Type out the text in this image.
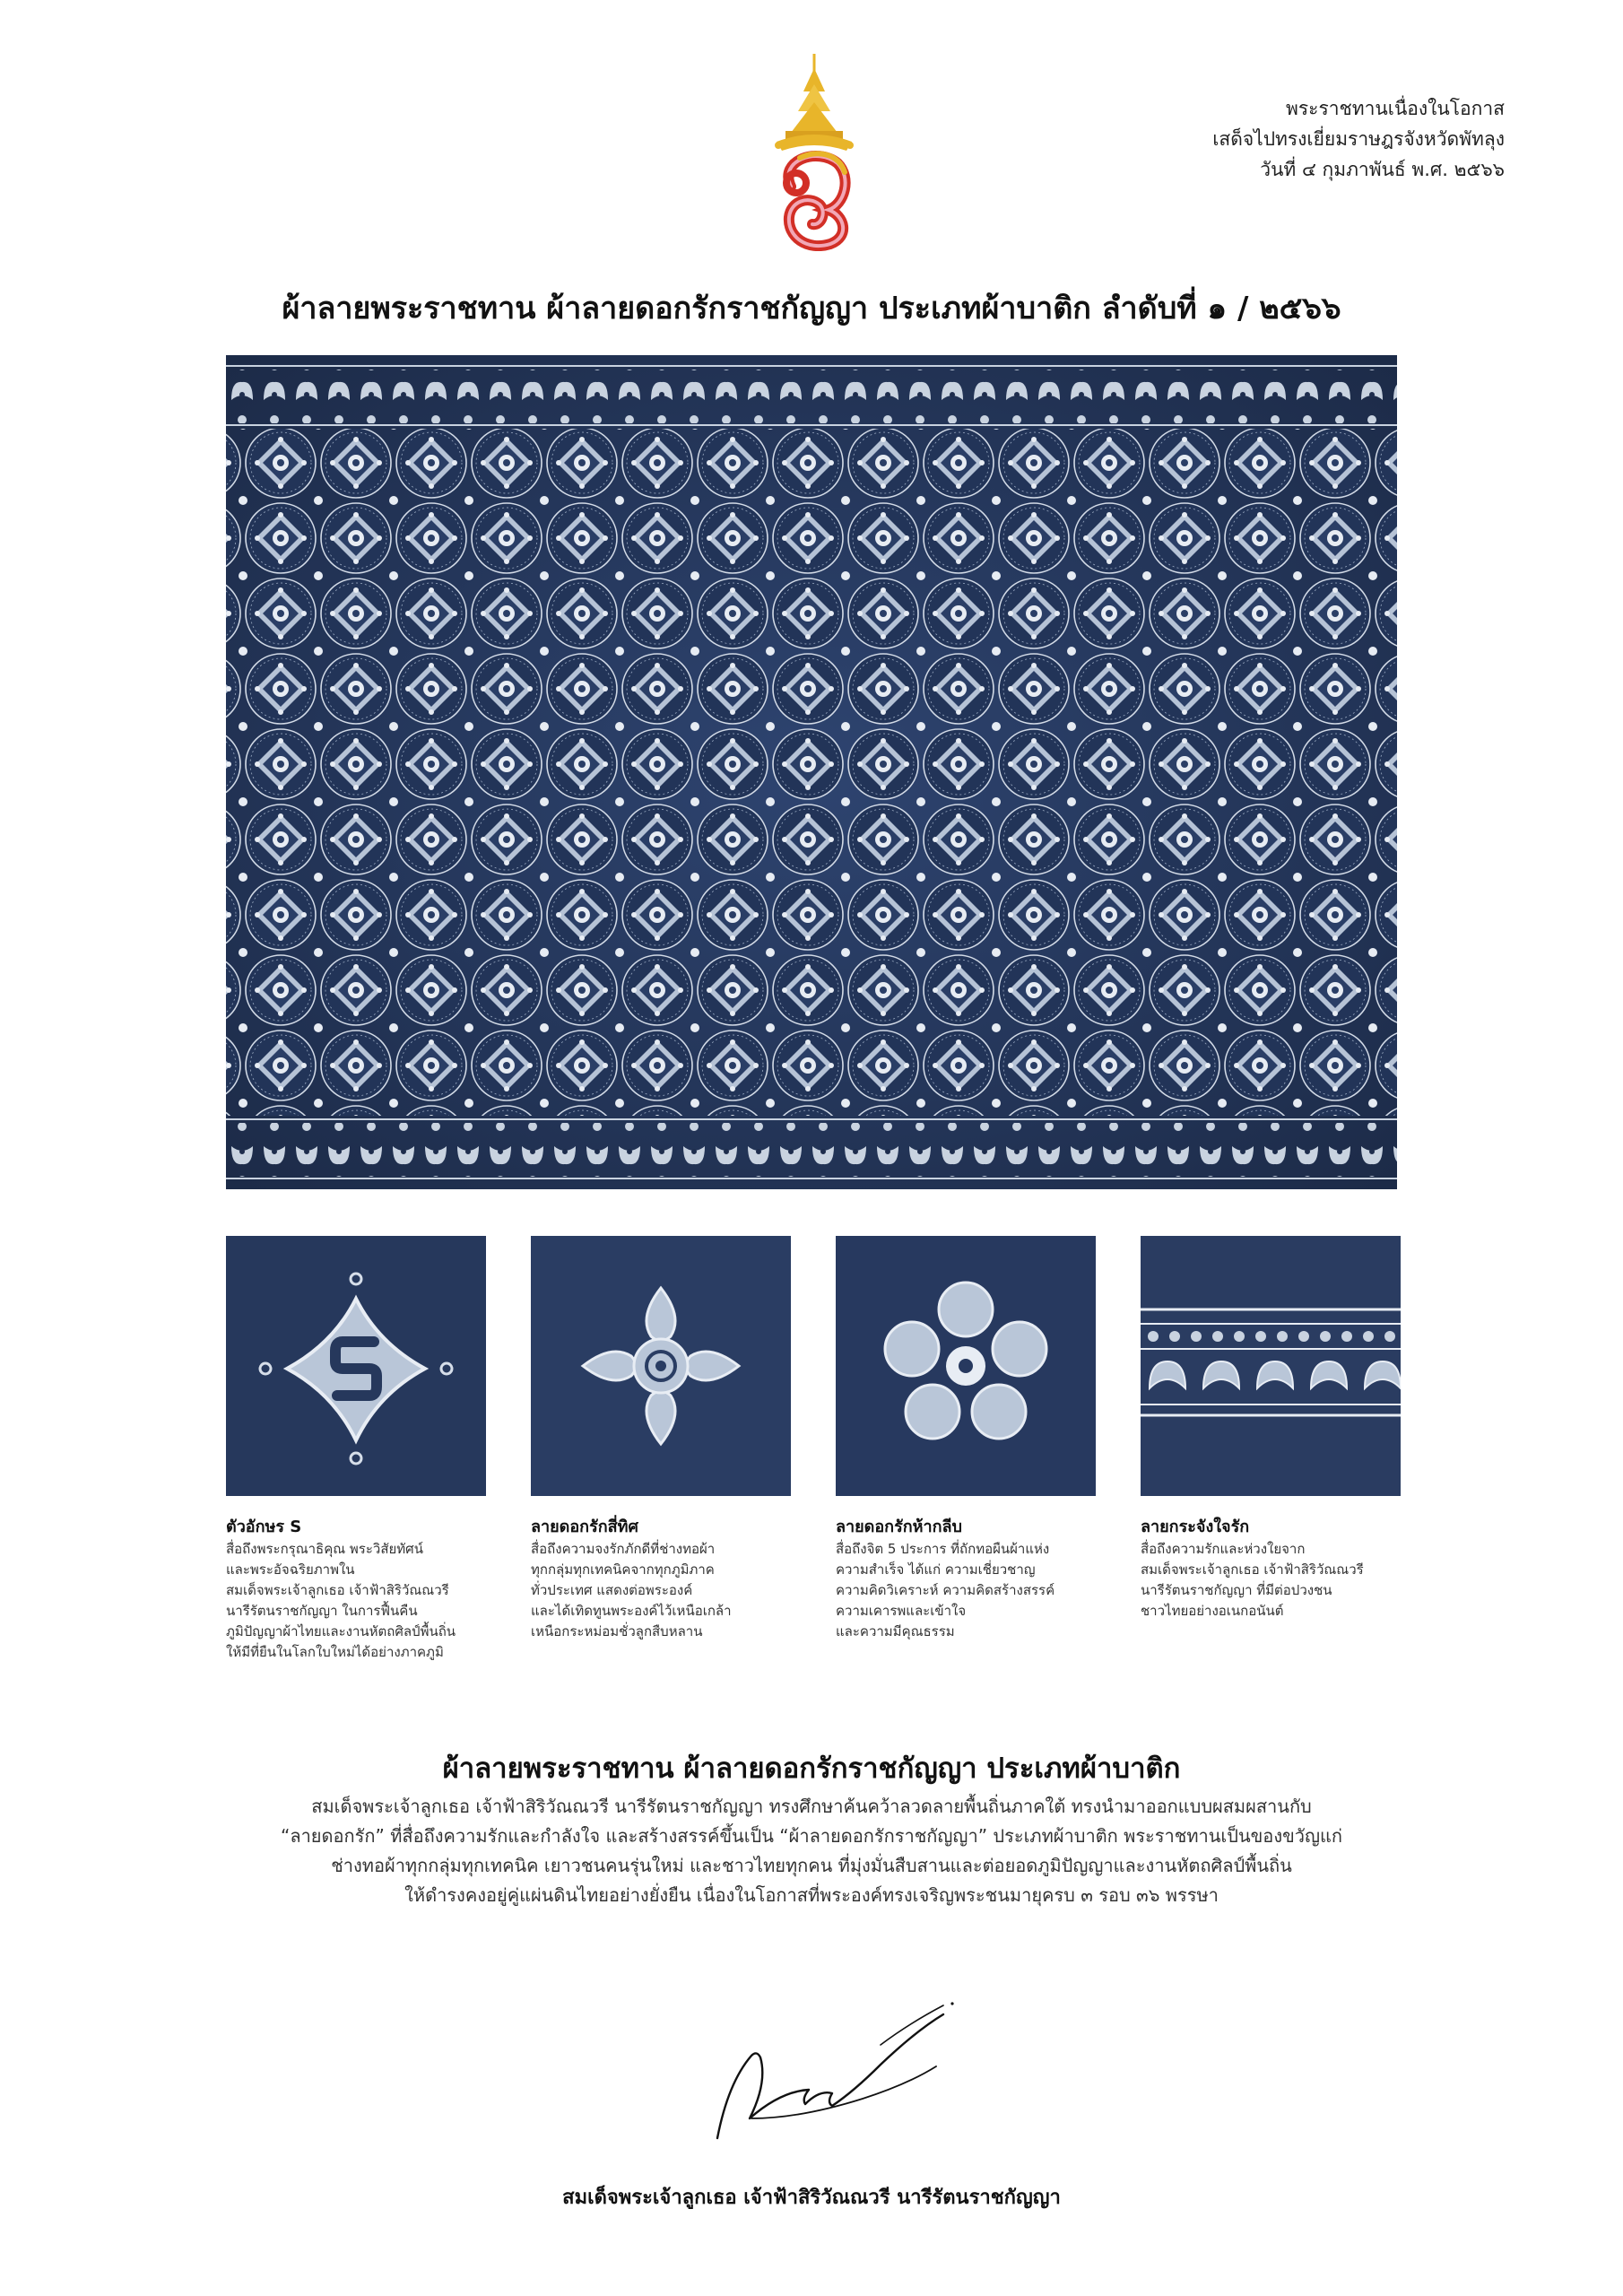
พระราชทานเนื่องในโอกาส
เสด็จไปทรงเยี่ยมราษฎรจังหวัดพัทลุง
วันที่ ๔ กุมภาพันธ์ พ.ศ. ๒๕๖๖
ผ้าลายพระราชทาน ผ้าลายดอกรักราชกัญญา ประเภทผ้าบาติก ลำดับที่ ๑ / ๒๕๖๖
ตัวอักษร S
สื่อถึงพระกรุณาธิคุณ พระวิสัยทัศน์
และพระอัจฉริยภาพใน
สมเด็จพระเจ้าลูกเธอ เจ้าฟ้าสิริวัณณวรี
นารีรัตนราชกัญญา ในการฟื้นคืน
ภูมิปัญญาผ้าไทยและงานหัตถศิลป์พื้นถิ่น
ให้มีที่ยืนในโลกใบใหม่ได้อย่างภาคภูมิ
ลายดอกรักสี่ทิศ
สื่อถึงความจงรักภักดีที่ช่างทอผ้า
ทุกกลุ่มทุกเทคนิคจากทุกภูมิภาค
ทั่วประเทศ แสดงต่อพระองค์
และได้เทิดทูนพระองค์ไว้เหนือเกล้า
เหนือกระหม่อมชั่วลูกสืบหลาน
ลายดอกรักห้ากลีบ
สื่อถึงจิต 5 ประการ ที่ถักทอผืนผ้าแห่ง
ความสำเร็จ ได้แก่ ความเชี่ยวชาญ
ความคิดวิเคราะห์ ความคิดสร้างสรรค์
ความเคารพและเข้าใจ
และความมีคุณธรรม
ลายกระจังใจรัก
สื่อถึงความรักและห่วงใยจาก
สมเด็จพระเจ้าลูกเธอ เจ้าฟ้าสิริวัณณวรี
นารีรัตนราชกัญญา ที่มีต่อปวงชน
ชาวไทยอย่างอเนกอนันต์
ผ้าลายพระราชทาน ผ้าลายดอกรักราชกัญญา ประเภทผ้าบาติก
สมเด็จพระเจ้าลูกเธอ เจ้าฟ้าสิริวัณณวรี นารีรัตนราชกัญญา ทรงศึกษาค้นคว้าลวดลายพื้นถิ่นภาคใต้ ทรงนำมาออกแบบผสมผสานกับ
“ลายดอกรัก” ที่สื่อถึงความรักและกำลังใจ และสร้างสรรค์ขึ้นเป็น “ผ้าลายดอกรักราชกัญญา” ประเภทผ้าบาติก พระราชทานเป็นของขวัญแก่
ช่างทอผ้าทุกกลุ่มทุกเทคนิค เยาวชนคนรุ่นใหม่ และชาวไทยทุกคน ที่มุ่งมั่นสืบสานและต่อยอดภูมิปัญญาและงานหัตถศิลป์พื้นถิ่น
ให้ดำรงคงอยู่คู่แผ่นดินไทยอย่างยั่งยืน เนื่องในโอกาสที่พระองค์ทรงเจริญพระชนมายุครบ ๓ รอบ ๓๖ พรรษา
สมเด็จพระเจ้าลูกเธอ เจ้าฟ้าสิริวัณณวรี นารีรัตนราชกัญญา
